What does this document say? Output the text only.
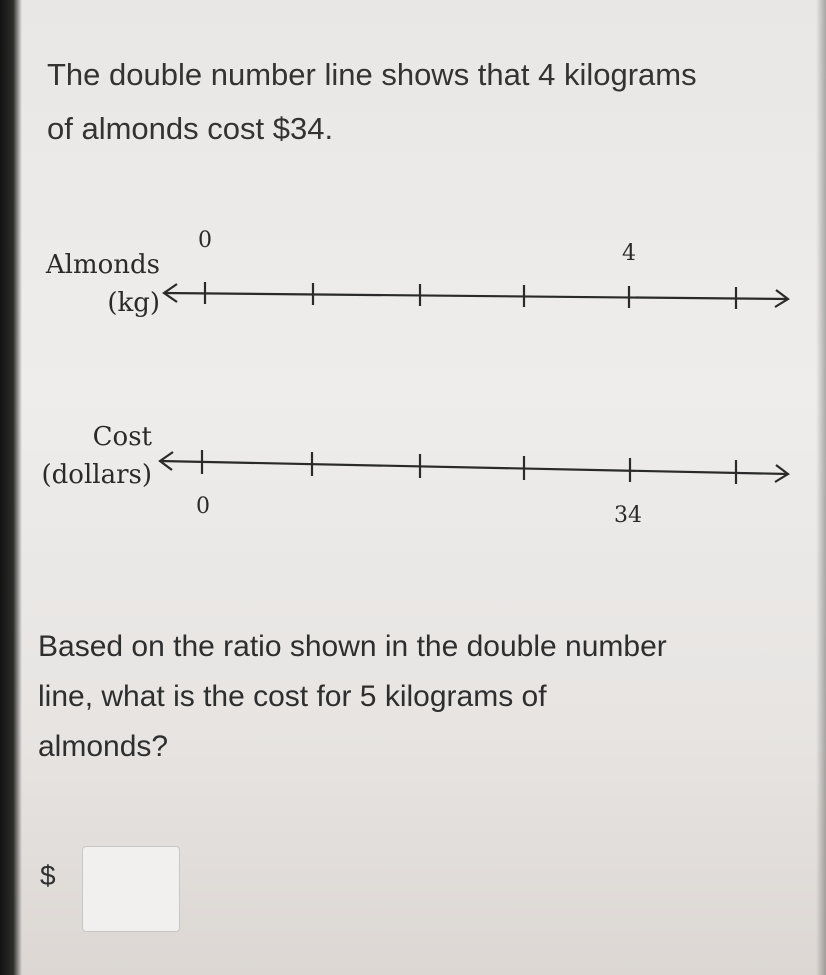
The double number line shows that 4 kilograms
of almonds cost $34.
Almonds
(kg)
0
4
Cost
(dollars)
0	34
Based on the ratio shown in the double number
line, what is the cost for 5 kilograms of
almonds?
$
